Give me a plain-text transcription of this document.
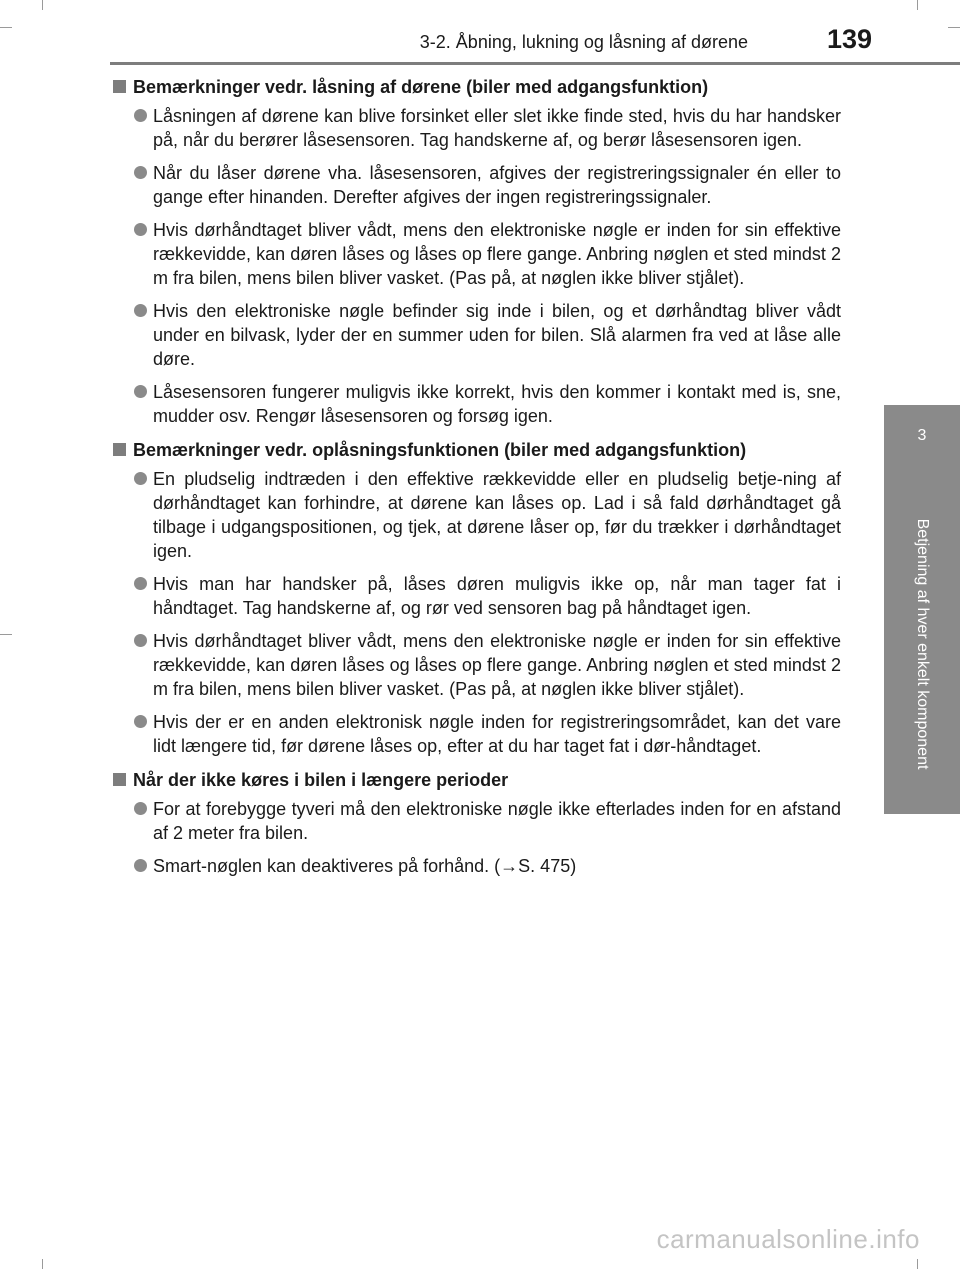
3-2. Åbning, lukning og låsning af dørene	139
3
Betjening af hver enkelt komponent
Bemærkninger vedr. låsning af dørene (biler med adgangsfunktion)
Låsningen af dørene kan blive forsinket eller slet ikke finde sted, hvis du har handsker på, når du berører låsesensoren. Tag handskerne af, og berør låsesensoren igen.
Når du låser dørene vha. låsesensoren, afgives der registreringssignaler én eller to gange efter hinanden. Derefter afgives der ingen registreringssignaler.
Hvis dørhåndtaget bliver vådt, mens den elektroniske nøgle er inden for sin effektive rækkevidde, kan døren låses og låses op flere gange. Anbring nøglen et sted mindst 2 m fra bilen, mens bilen bliver vasket. (Pas på, at nøglen ikke bliver stjålet).
Hvis den elektroniske nøgle befinder sig inde i bilen, og et dørhåndtag bliver vådt under en bilvask, lyder der en summer uden for bilen. Slå alarmen fra ved at låse alle døre.
Låsesensoren fungerer muligvis ikke korrekt, hvis den kommer i kontakt med is, sne, mudder osv. Rengør låsesensoren og forsøg igen.
Bemærkninger vedr. oplåsningsfunktionen (biler med adgangsfunktion)
En pludselig indtræden i den effektive rækkevidde eller en pludselig betje-ning af dørhåndtaget kan forhindre, at dørene kan låses op. Lad i så fald dørhåndtaget gå tilbage i udgangspositionen, og tjek, at dørene låser op, før du trækker i dørhåndtaget igen.
Hvis man har handsker på, låses døren muligvis ikke op, når man tager fat i håndtaget. Tag handskerne af, og rør ved sensoren bag på håndtaget igen.
Hvis dørhåndtaget bliver vådt, mens den elektroniske nøgle er inden for sin effektive rækkevidde, kan døren låses og låses op flere gange. Anbring nøglen et sted mindst 2 m fra bilen, mens bilen bliver vasket. (Pas på, at nøglen ikke bliver stjålet).
Hvis der er en anden elektronisk nøgle inden for registreringsområdet, kan det vare lidt længere tid, før dørene låses op, efter at du har taget fat i dør-håndtaget.
Når der ikke køres i bilen i længere perioder
For at forebygge tyveri må den elektroniske nøgle ikke efterlades inden for en afstand af 2 meter fra bilen.
Smart-nøglen kan deaktiveres på forhånd. (→S. 475)
carmanualsonline.info
